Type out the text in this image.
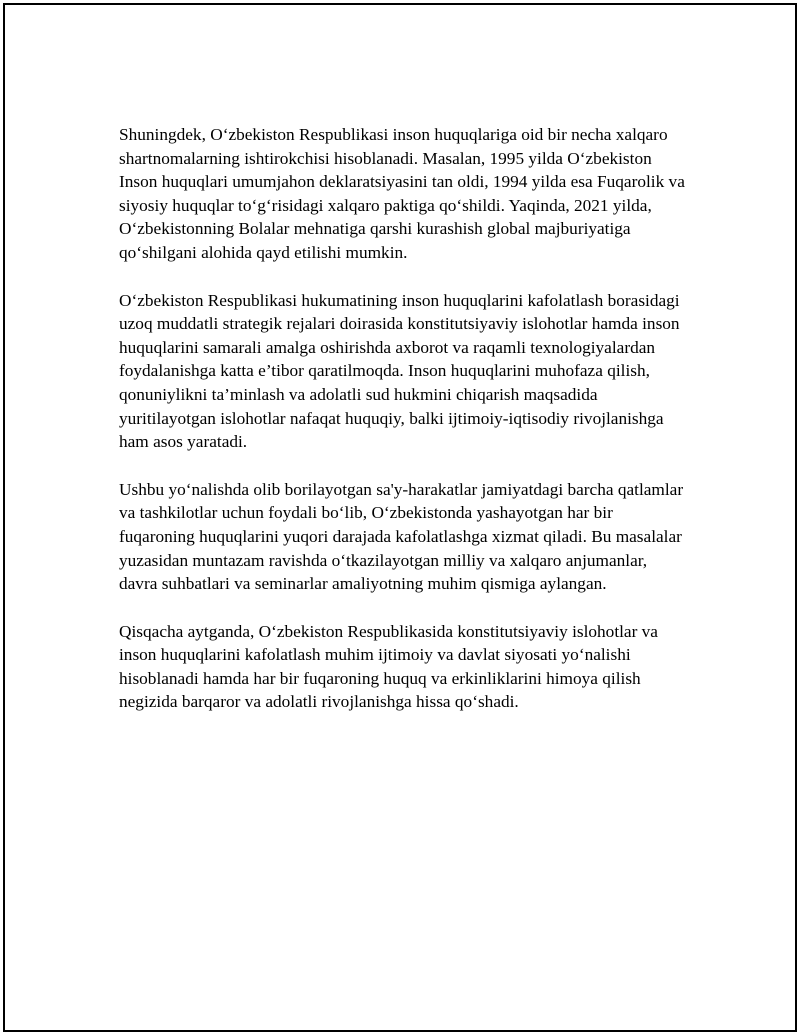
Shuningdek, O‘zbekiston Respublikasi inson huquqlariga oid bir necha xalqaro shartnomalarning ishtirokchisi hisoblanadi. Masalan, 1995 yilda O‘zbekiston Inson huquqlari umumjahon deklaratsiyasini tan oldi, 1994 yilda esa Fuqarolik va siyosiy huquqlar to‘g‘risidagi xalqaro paktiga qo‘shildi. Yaqinda, 2021 yilda, O‘zbekistonning Bolalar mehnatiga qarshi kurashish global majburiyatiga qo‘shilgani alohida qayd etilishi mumkin.

O‘zbekiston Respublikasi hukumatining inson huquqlarini kafolatlash borasidagi uzoq muddatli strategik rejalari doirasida konstitutsiyaviy islohotlar hamda inson huquqlarini samarali amalga oshirishda axborot va raqamli texnologiyalardan foydalanishga katta e’tibor qaratilmoqda. Inson huquqlarini muhofaza qilish, qonuniylikni ta’minlash va adolatli sud hukmini chiqarish maqsadida yuritilayotgan islohotlar nafaqat huquqiy, balki ijtimoiy-iqtisodiy rivojlanishga ham asos yaratadi.

Ushbu yo‘nalishda olib borilayotgan sa'y-harakatlar jamiyatdagi barcha qatlamlar va tashkilotlar uchun foydali bo‘lib, O‘zbekistonda yashayotgan har bir fuqaroning huquqlarini yuqori darajada kafolatlashga xizmat qiladi. Bu masalalar yuzasidan muntazam ravishda o‘tkazilayotgan milliy va xalqaro anjumanlar, davra suhbatlari va seminarlar amaliyotning muhim qismiga aylangan.

Qisqacha aytganda, O‘zbekiston Respublikasida konstitutsiyaviy islohotlar va inson huquqlarini kafolatlash muhim ijtimoiy va davlat siyosati yo‘nalishi hisoblanadi hamda har bir fuqaroning huquq va erkinliklarini himoya qilish negizida barqaror va adolatli rivojlanishga hissa qo‘shadi.
